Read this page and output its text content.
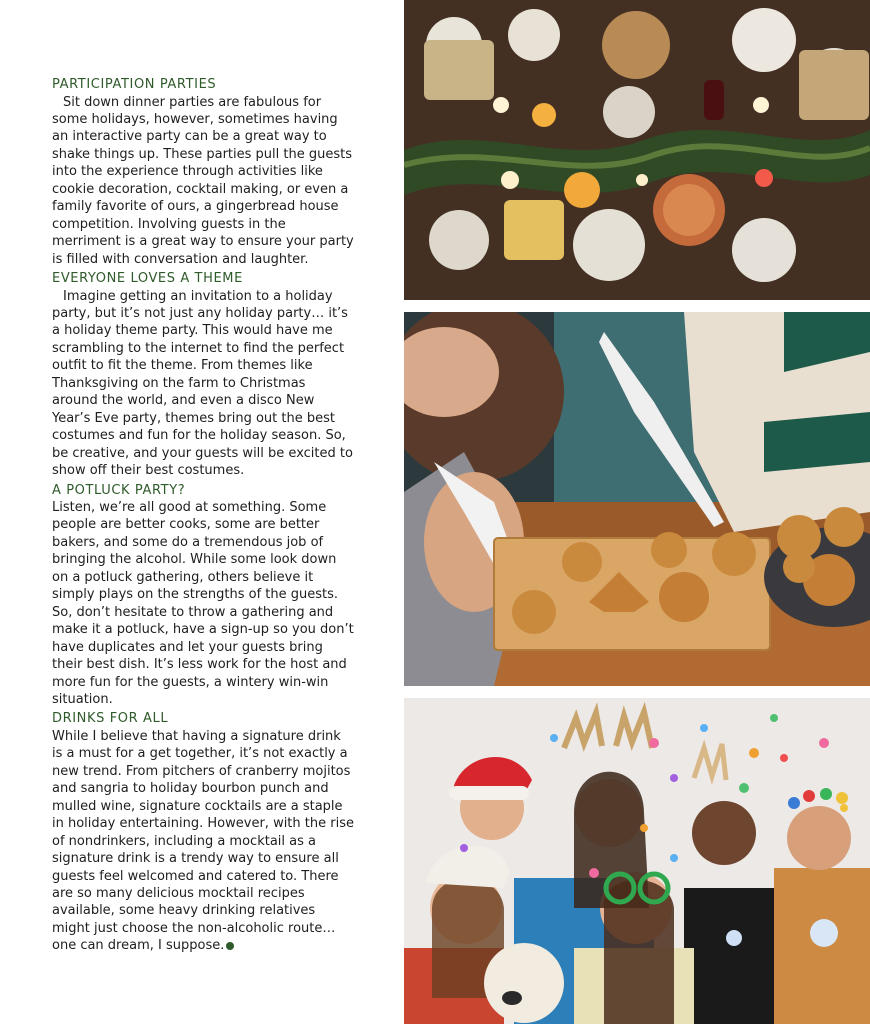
PARTICIPATION PARTIES

Sit down dinner parties are fabulous for some holidays, however, sometimes having an interactive party can be a great way to shake things up. These parties pull the guests into the experience through activities like cookie decoration, cocktail making, or even a family favorite of ours, a gingerbread house competition. Involving guests in the merriment is a great way to ensure your party is filled with conversation and laughter.

EVERYONE LOVES A THEME

Imagine getting an invitation to a holiday party, but it’s not just any holiday party… it’s a holiday theme party. This would have me scrambling to the internet to find the perfect outfit to fit the theme. From themes like Thanksgiving on the farm to Christmas around the world, and even a disco New Year’s Eve party, themes bring out the best costumes and fun for the holiday season. So, be creative, and your guests will be excited to show off their best costumes.

A POTLUCK PARTY?

Listen, we’re all good at something. Some people are better cooks, some are better bakers, and some do a tremendous job of bringing the alcohol. While some look down on a potluck gathering, others believe it simply plays on the strengths of the guests. So, don’t hesitate to throw a gathering and make it a potluck, have a sign-up so you don’t have duplicates and let your guests bring their best dish. It’s less work for the host and more fun for the guests, a wintery win-win situation.

DRINKS FOR ALL

While I believe that having a signature drink is a must for a get together, it’s not exactly a new trend. From pitchers of cranberry mojitos and sangria to holiday bourbon punch and mulled wine, signature cocktails are a staple in holiday entertaining. However, with the rise of nondrinkers, including a mocktail as a signature drink is a trendy way to ensure all guests feel welcomed and catered to. There are so many delicious mocktail recipes available, some heavy drinking relatives might just choose the non-alcoholic route…one can dream, I suppose.
